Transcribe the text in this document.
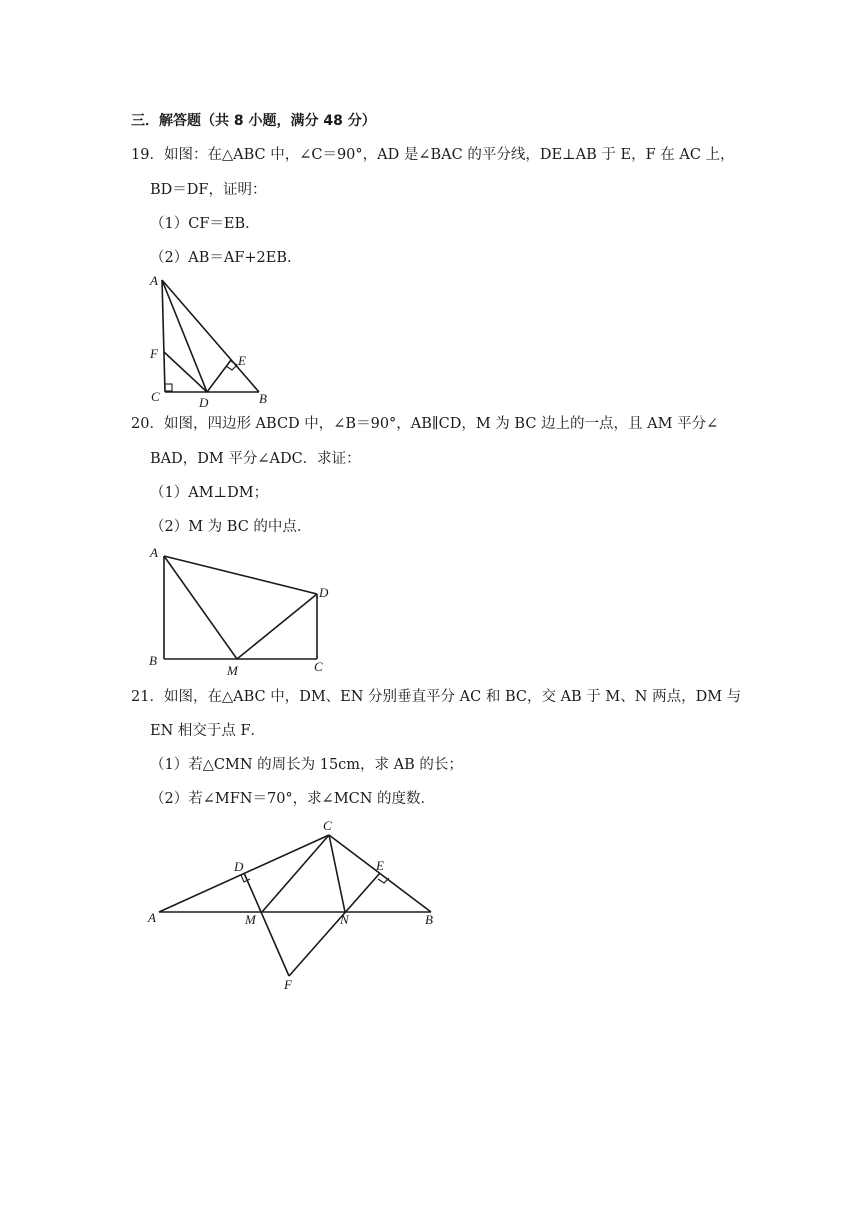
三．解答题（共 8 小题，满分 48 分）
19．如图：在△ABC 中，∠C＝90°，AD 是∠BAC 的平分线，DE⊥AB 于 E，F 在 AC 上，
BD＝DF，证明：
（1）CF＝EB．
（2）AB＝AF+2EB．
A
F
C	D
E
B
20．如图，四边形 ABCD 中，∠B＝90°，AB∥CD，M 为 BC 边上的一点，且 AM 平分∠
BAD，DM 平分∠ADC．求证：
（1）AM⊥DM；
（2）M 为 BC 的中点．
A
D
B
M	C
21．如图，在△ABC 中，DM、EN 分别垂直平分 AC 和 BC，交 AB 于 M、N 两点，DM 与
EN 相交于点 F．
（1）若△CMN 的周长为 15cm，求 AB 的长；
（2）若∠MFN＝70°，求∠MCN 的度数．
C
D	E
A	M	N	B
F
